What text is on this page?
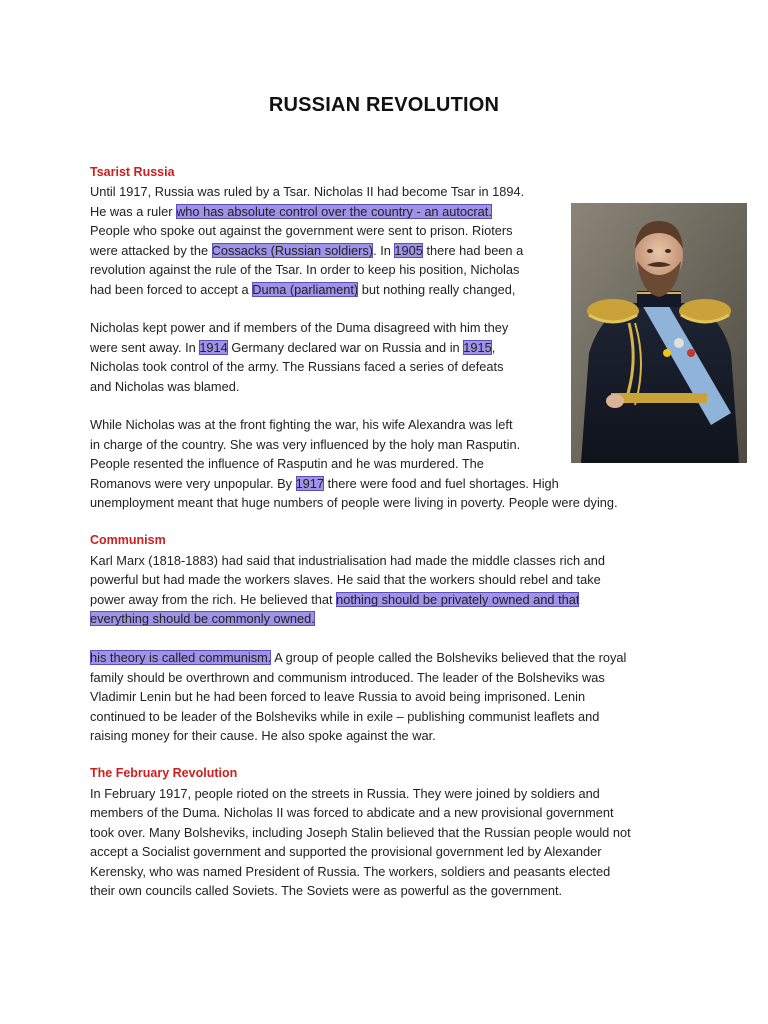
RUSSIAN REVOLUTION
Tsarist Russia
Until 1917, Russia was ruled by a Tsar. Nicholas II had become Tsar in 1894.
He was a ruler who has absolute control over the country - an autocrat.
People who spoke out against the government were sent to prison. Rioters
were attacked by the Cossacks (Russian soldiers). In 1905 there had been a
revolution against the rule of the Tsar. In order to keep his position, Nicholas
had been forced to accept a Duma (parliament) but nothing really changed,
Nicholas kept power and if members of the Duma disagreed with him they
were sent away. In 1914 Germany declared war on Russia and in 1915,
Nicholas took control of the army. The Russians faced a series of defeats
and Nicholas was blamed.
While Nicholas was at the front fighting the war, his wife Alexandra was left
in charge of the country. She was very influenced by the holy man Rasputin.
People resented the influence of Rasputin and he was murdered. The
Romanovs were very unpopular. By 1917 there were food and fuel shortages. High
unemployment meant that huge numbers of people were living in poverty. People were dying.
Communism
Karl Marx (1818-1883) had said that industrialisation had made the middle classes rich and
powerful but had made the workers slaves. He said that the workers should rebel and take
power away from the rich. He believed that nothing should be privately owned and that
everything should be commonly owned.
his theory is called communism. A group of people called the Bolsheviks believed that the royal
family should be overthrown and communism introduced. The leader of the Bolsheviks was
Vladimir Lenin but he had been forced to leave Russia to avoid being imprisoned. Lenin
continued to be leader of the Bolsheviks while in exile – publishing communist leaflets and
raising money for their cause. He also spoke against the war.
The February Revolution
In February 1917, people rioted on the streets in Russia. They were joined by soldiers and
members of the Duma. Nicholas II was forced to abdicate and a new provisional government
took over. Many Bolsheviks, including Joseph Stalin believed that the Russian people would not
accept a Socialist government and supported the provisional government led by Alexander
Kerensky, who was named President of Russia. The workers, soldiers and peasants elected
their own councils called Soviets. The Soviets were as powerful as the government.
